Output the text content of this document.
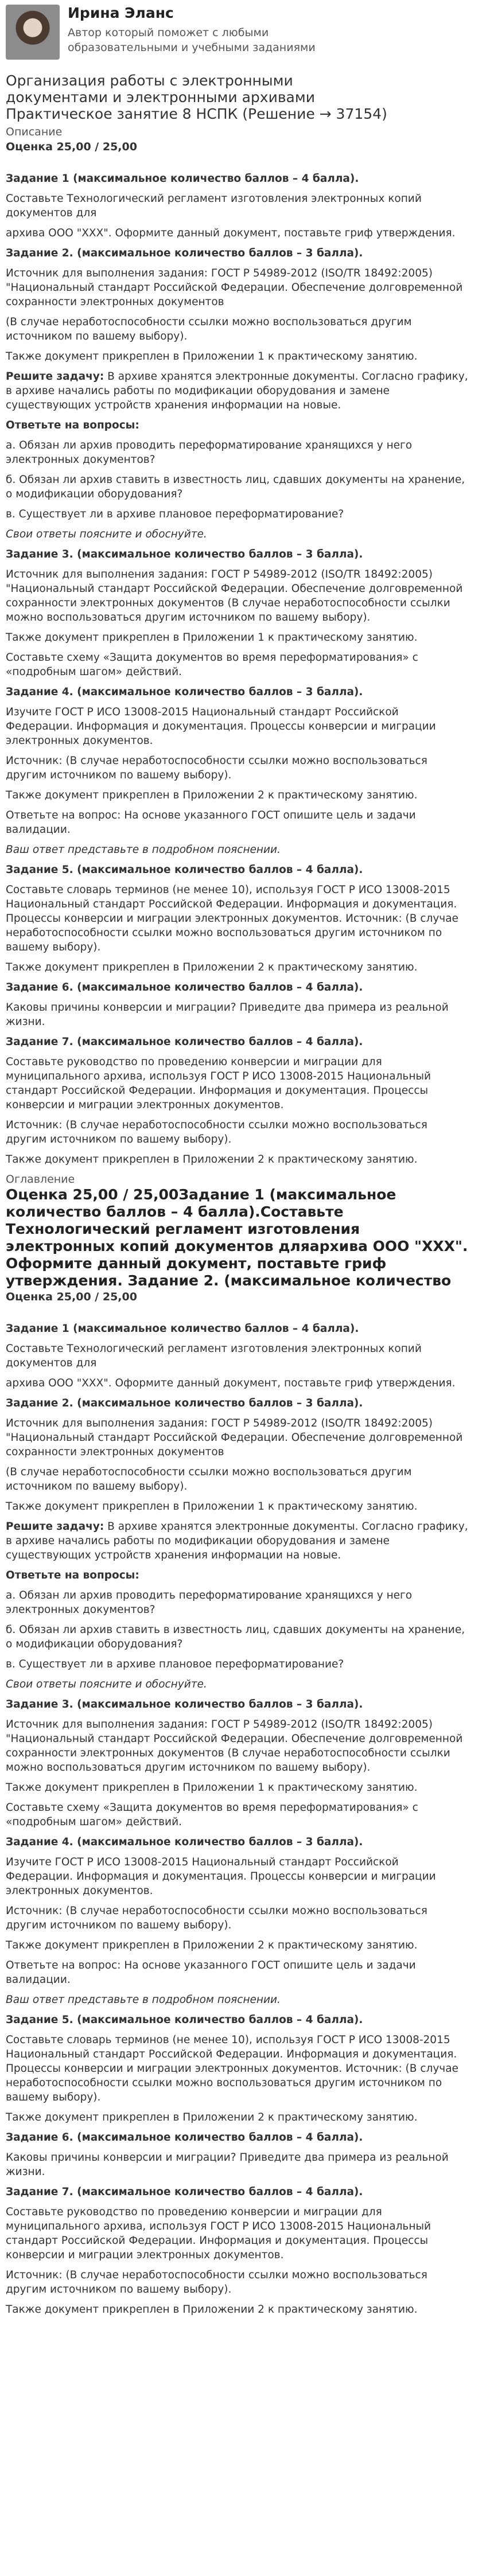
Ирина Эланс
Автор который поможет с любыми образовательными и учебными заданиями
Организация работы с электронными документами и электронными архивами Практическое занятие 8 НСПК (Решение → 37154)
Описание
Оценка 25,00 / 25,00
Задание 1 (максимальное количество баллов – 4 балла).
Составьте Технологический регламент изготовления электронных копий документов для
архива ООО "XXX". Оформите данный документ, поставьте гриф утверждения.
Задание 2. (максимальное количество баллов – 3 балла).
Источник для выполнения задания: ГОСТ Р 54989-2012 (ISO/TR 18492:2005) "Национальный стандарт Российской Федерации. Обеспечение долговременной сохранности электронных документов
(В случае неработоспособности ссылки можно воспользоваться другим источником по вашему выбору).
Также документ прикреплен в Приложении 1 к практическому занятию.
Решите задачу: В архиве хранятся электронные документы. Согласно графику, в архиве начались работы по модификации оборудования и замене существующих устройств хранения информации на новые.
Ответьте на вопросы:
а. Обязан ли архив проводить переформатирование хранящихся у него электронных документов?
б. Обязан ли архив ставить в известность лиц, сдавших документы на хранение, о модификации оборудования?
в. Существует ли в архиве плановое переформатирование?
Свои ответы поясните и обоснуйте.
Задание 3. (максимальное количество баллов – 3 балла).
Источник для выполнения задания: ГОСТ Р 54989-2012 (ISO/TR 18492:2005) "Национальный стандарт Российской Федерации. Обеспечение долговременной сохранности электронных документов (В случае неработоспособности ссылки можно воспользоваться другим источником по вашему выбору).
Также документ прикреплен в Приложении 1 к практическому занятию.
Составьте схему «Защита документов во время переформатирования» с «подробным шагом» действий.
Задание 4. (максимальное количество баллов – 3 балла).
Изучите ГОСТ Р ИСО 13008-2015 Национальный стандарт Российской Федерации. Информация и документация. Процессы конверсии и миграции электронных документов.
Источник: (В случае неработоспособности ссылки можно воспользоваться другим источником по вашему выбору).
Также документ прикреплен в Приложении 2 к практическому занятию.
Ответьте на вопрос: На основе указанного ГОСТ опишите цель и задачи валидации.
Ваш ответ представьте в подробном пояснении.
Задание 5. (максимальное количество баллов – 4 балла).
Составьте словарь терминов (не менее 10), используя ГОСТ Р ИСО 13008-2015 Национальный стандарт Российской Федерации. Информация и документация. Процессы конверсии и миграции электронных документов. Источник: (В случае неработоспособности ссылки можно воспользоваться другим источником по вашему выбору).
Также документ прикреплен в Приложении 2 к практическому занятию.
Задание 6. (максимальное количество баллов – 4 балла).
Каковы причины конверсии и миграции? Приведите два примера из реальной жизни.
Задание 7. (максимальное количество баллов – 4 балла).
Составьте руководство по проведению конверсии и миграции для муниципального архива, используя ГОСТ Р ИСО 13008-2015 Национальный стандарт Российской Федерации. Информация и документация. Процессы конверсии и миграции электронных документов.
Источник: (В случае неработоспособности ссылки можно воспользоваться другим источником по вашему выбору).
Также документ прикреплен в Приложении 2 к практическому занятию.
Оглавление
Оценка 25,00 / 25,00Задание 1 (максимальное количество баллов – 4 балла).Составьте Технологический регламент изготовления электронных копий документов дляархива ООО "XXX". Оформите данный документ, поставьте гриф утверждения. Задание 2. (максимальное количество
Оценка 25,00 / 25,00
Задание 1 (максимальное количество баллов – 4 балла).
Составьте Технологический регламент изготовления электронных копий документов для
архива ООО "XXX". Оформите данный документ, поставьте гриф утверждения.
Задание 2. (максимальное количество баллов – 3 балла).
Источник для выполнения задания: ГОСТ Р 54989-2012 (ISO/TR 18492:2005) "Национальный стандарт Российской Федерации. Обеспечение долговременной сохранности электронных документов
(В случае неработоспособности ссылки можно воспользоваться другим источником по вашему выбору).
Также документ прикреплен в Приложении 1 к практическому занятию.
Решите задачу: В архиве хранятся электронные документы. Согласно графику, в архиве начались работы по модификации оборудования и замене существующих устройств хранения информации на новые.
Ответьте на вопросы:
а. Обязан ли архив проводить переформатирование хранящихся у него электронных документов?
б. Обязан ли архив ставить в известность лиц, сдавших документы на хранение, о модификации оборудования?
в. Существует ли в архиве плановое переформатирование?
Свои ответы поясните и обоснуйте.
Задание 3. (максимальное количество баллов – 3 балла).
Источник для выполнения задания: ГОСТ Р 54989-2012 (ISO/TR 18492:2005) "Национальный стандарт Российской Федерации. Обеспечение долговременной сохранности электронных документов (В случае неработоспособности ссылки можно воспользоваться другим источником по вашему выбору).
Также документ прикреплен в Приложении 1 к практическому занятию.
Составьте схему «Защита документов во время переформатирования» с «подробным шагом» действий.
Задание 4. (максимальное количество баллов – 3 балла).
Изучите ГОСТ Р ИСО 13008-2015 Национальный стандарт Российской Федерации. Информация и документация. Процессы конверсии и миграции электронных документов.
Источник: (В случае неработоспособности ссылки можно воспользоваться другим источником по вашему выбору).
Также документ прикреплен в Приложении 2 к практическому занятию.
Ответьте на вопрос: На основе указанного ГОСТ опишите цель и задачи валидации.
Ваш ответ представьте в подробном пояснении.
Задание 5. (максимальное количество баллов – 4 балла).
Составьте словарь терминов (не менее 10), используя ГОСТ Р ИСО 13008-2015 Национальный стандарт Российской Федерации. Информация и документация. Процессы конверсии и миграции электронных документов. Источник: (В случае неработоспособности ссылки можно воспользоваться другим источником по вашему выбору).
Также документ прикреплен в Приложении 2 к практическому занятию.
Задание 6. (максимальное количество баллов – 4 балла).
Каковы причины конверсии и миграции? Приведите два примера из реальной жизни.
Задание 7. (максимальное количество баллов – 4 балла).
Составьте руководство по проведению конверсии и миграции для муниципального архива, используя ГОСТ Р ИСО 13008-2015 Национальный стандарт Российской Федерации. Информация и документация. Процессы конверсии и миграции электронных документов.
Источник: (В случае неработоспособности ссылки можно воспользоваться другим источником по вашему выбору).
Также документ прикреплен в Приложении 2 к практическому занятию.
